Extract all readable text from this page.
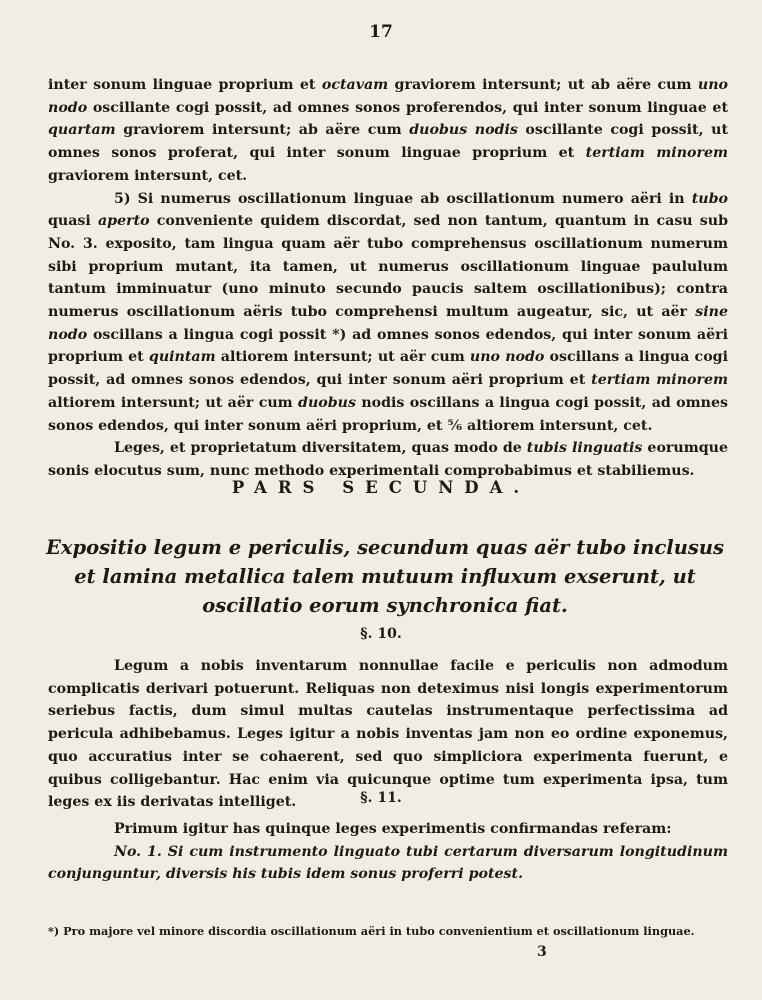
17
inter sonum linguae proprium et octavam graviorem intersunt; ut ab aëre cum uno nodo oscillante cogi possit, ad omnes sonos proferendos, qui inter sonum linguae et quartam graviorem intersunt; ab aëre cum duobus nodis oscillante cogi possit, ut omnes sonos proferat, qui inter sonum linguae proprium et tertiam minorem graviorem intersunt, cet.
5) Si numerus oscillationum linguae ab oscillationum numero aëri in tubo quasi aperto conveniente quidem discordat, sed non tantum, quantum in casu sub No. 3. exposito, tam lingua quam aër tubo comprehensus oscillationum numerum sibi proprium mutant, ita tamen, ut numerus oscillationum linguae paululum tantum imminuatur (uno minuto secundo paucis saltem oscillationibus); contra numerus oscillationum aëris tubo comprehensi multum augeatur, sic, ut aër sine nodo oscillans a lingua cogi possit *) ad omnes sonos edendos, qui inter sonum aëri proprium et quintam altiorem intersunt; ut aër cum uno nodo oscillans a lingua cogi possit, ad omnes sonos edendos, qui inter sonum aëri proprium et tertiam minorem altiorem intersunt; ut aër cum duobus nodis oscillans a lingua cogi possit, ad omnes sonos edendos, qui inter sonum aëri proprium, et ⅚ altiorem intersunt, cet.
Leges, et proprietatum diversitatem, quas modo de tubis linguatis eorumque sonis elocutus sum, nunc methodo experimentali comprobabimus et stabiliemus.
PARS SECUNDA.
Expositio legum e periculis, secundum quas aër tubo inclusus et lamina metallica talem mutuum influxum exserunt, ut oscillatio eorum synchronica fiat.
§. 10.
Legum a nobis inventarum nonnullae facile e periculis non admodum complicatis derivari potuerunt. Reliquas non deteximus nisi longis experimentorum seriebus factis, dum simul multas cautelas instrumentaque perfectissima ad pericula adhibebamus. Leges igitur a nobis inventas jam non eo ordine exponemus, quo accuratius inter se cohaerent, sed quo simpliciora experimenta fuerunt, e quibus colligebantur. Hac enim via quicunque optime tum experimenta ipsa, tum leges ex iis derivatas intelliget.	§. 11.
Primum igitur has quinque leges experimentis confirmandas referam:
No. 1. Si cum instrumento linguato tubi certarum diversarum longitudinum conjunguntur, diversis his tubis idem sonus proferri potest.
*) Pro majore vel minore discordia oscillationum aëri in tubo convenientium et oscillationum linguae.
3
